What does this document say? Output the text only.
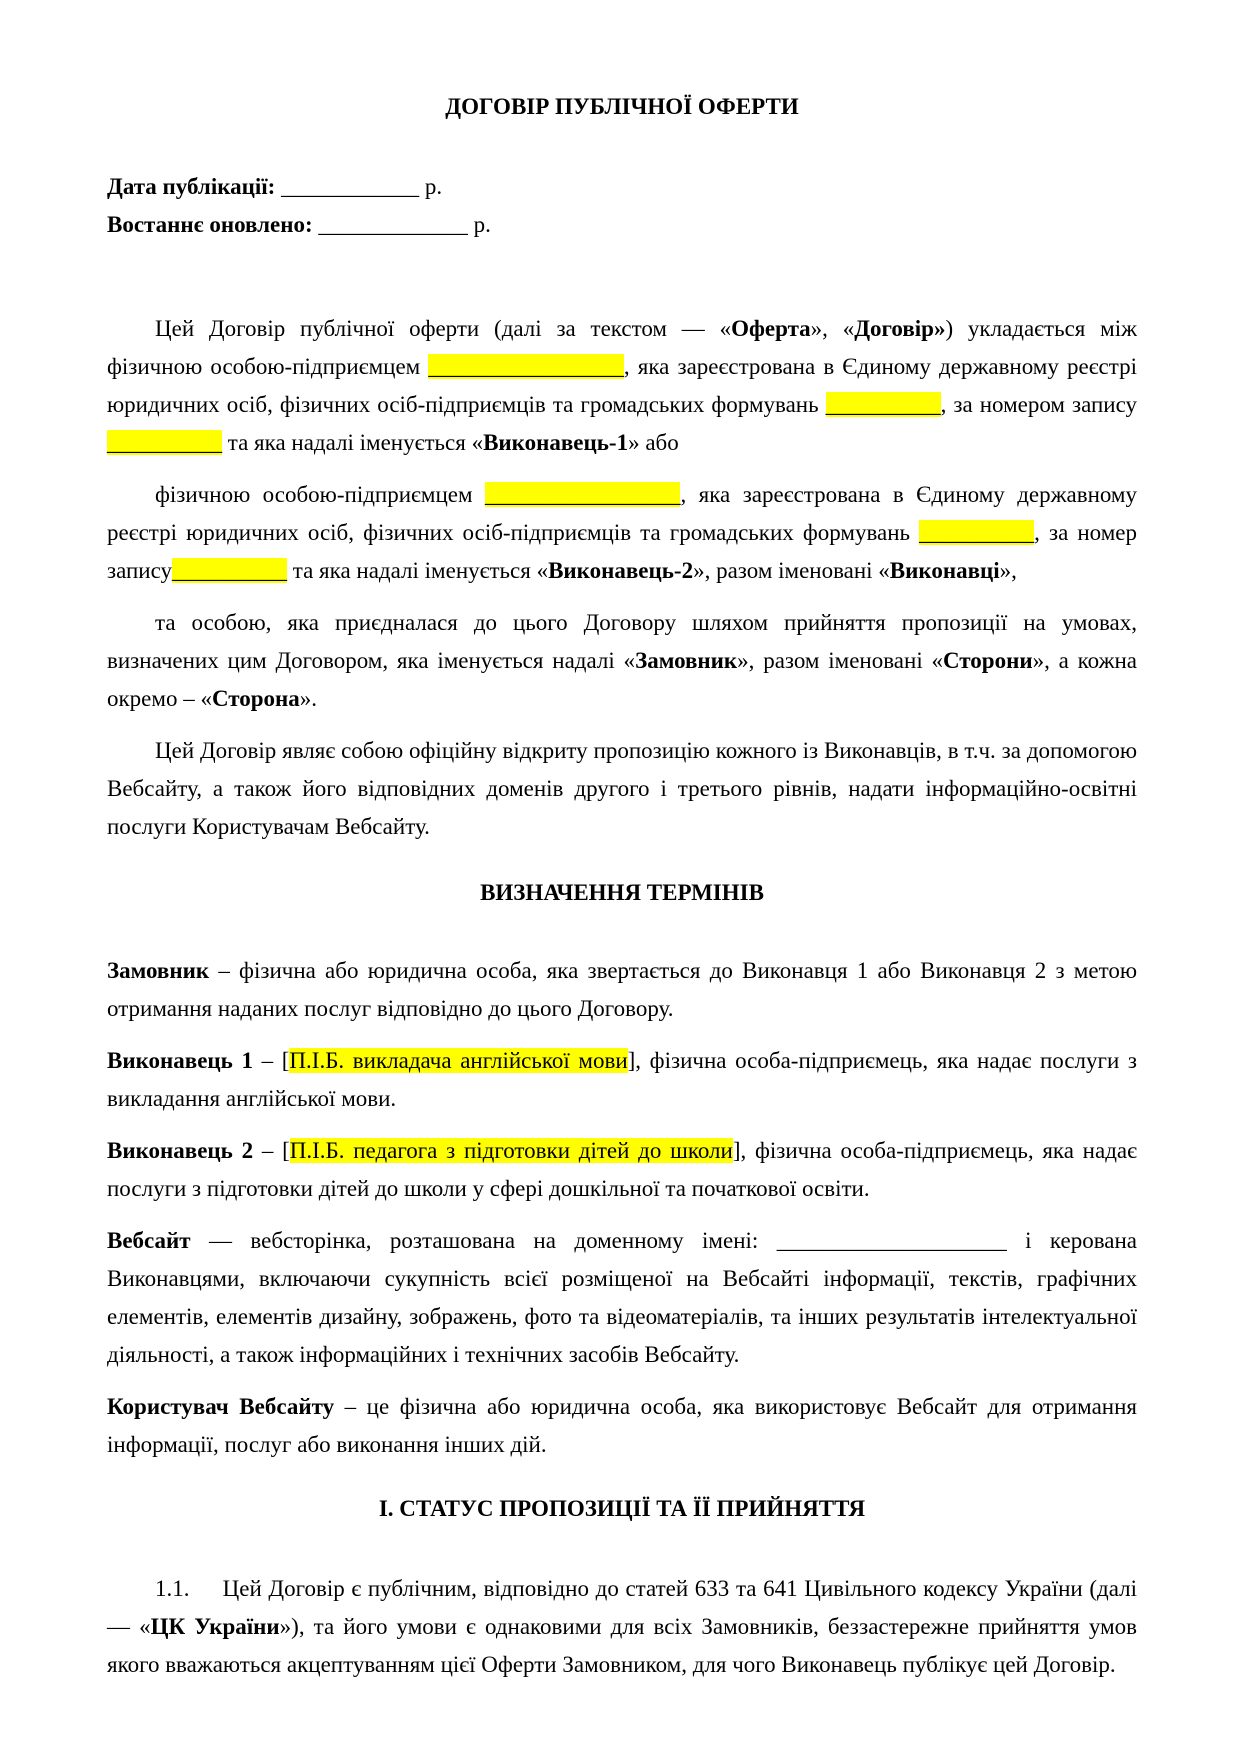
ДОГОВІР ПУБЛІЧНОЇ ОФЕРТИ

Дата публікації: ____________ р.

Востаннє оновлено: _____________ р.

Цей Договір публічної оферти (далі за текстом — «Оферта», «Договір») укладається між фізичною особою-підприємцем _________________, яка зареєстрована в Єдиному державному реєстрі юридичних осіб, фізичних осіб-підприємців та громадських формувань __________, за номером запису __________ та яка надалі іменується «Виконавець-1» або

фізичною особою-підприємцем _________________, яка зареєстрована в Єдиному державному реєстрі юридичних осіб, фізичних осіб-підприємців та громадських формувань __________, за номер запису__________ та яка надалі іменується «Виконавець-2», разом іменовані «Виконавці»,

та особою, яка приєдналася до цього Договору шляхом прийняття пропозиції на умовах, визначених цим Договором, яка іменується надалі «Замовник», разом іменовані «Сторони», а кожна окремо – «Сторона».

Цей Договір являє собою офіційну відкриту пропозицію кожного із Виконавців, в т.ч. за допомогою Вебсайту, а також його відповідних доменів другого і третього рівнів, надати інформаційно-освітні послуги Користувачам Вебсайту.

ВИЗНАЧЕННЯ ТЕРМІНІВ

Замовник – фізична або юридична особа, яка звертається до Виконавця 1 або Виконавця 2 з метою отримання наданих послуг відповідно до цього Договору.

Виконавець 1 – [П.І.Б. викладача англійської мови], фізична особа-підприємець, яка надає послуги з викладання англійської мови.

Виконавець 2 – [П.І.Б. педагога з підготовки дітей до школи], фізична особа-підприємець, яка надає послуги з підготовки дітей до школи у сфері дошкільної та початкової освіти.

Вебсайт — вебсторінка, розташована на доменному імені: ____________________ і керована Виконавцями, включаючи сукупність всієї розміщеної на Вебсайті інформації, текстів, графічних елементів, елементів дизайну, зображень, фото та відеоматеріалів, та інших результатів інтелектуальної діяльності, а також інформаційних і технічних засобів Вебсайту.

Користувач Вебсайту – це фізична або юридична особа, яка використовує Вебсайт для отримання інформації, послуг або виконання інших дій.

І. СТАТУС ПРОПОЗИЦІЇ ТА ЇЇ ПРИЙНЯТТЯ

1.1.     Цей Договір є публічним, відповідно до статей 633 та 641 Цивільного кодексу України (далі — «ЦК України»), та його умови є однаковими для всіх Замовників, беззастережне прийняття умов якого вважаються акцептуванням цієї Оферти Замовником, для чого Виконавець публікує цей Договір.
